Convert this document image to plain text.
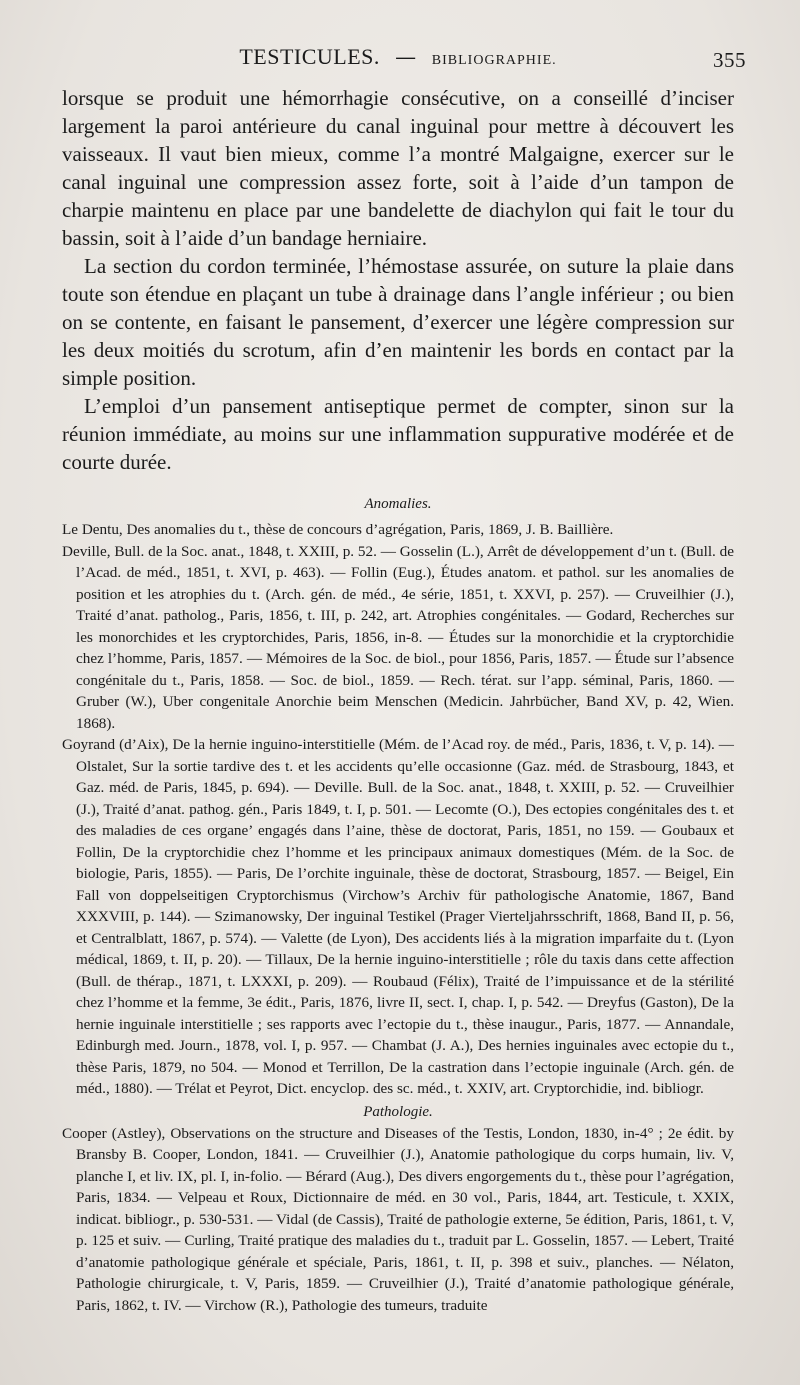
TESTICULES. — BIBLIOGRAPHIE.	355

lorsque se produit une hémorrhagie consécutive, on a conseillé d’inciser largement la paroi antérieure du canal inguinal pour mettre à découvert les vaisseaux. Il vaut bien mieux, comme l’a montré Malgaigne, exercer sur le canal inguinal une compression assez forte, soit à l’aide d’un tampon de charpie maintenu en place par une bandelette de diachylon qui fait le tour du bassin, soit à l’aide d’un bandage herniaire.

La section du cordon terminée, l’hémostase assurée, on suture la plaie dans toute son étendue en plaçant un tube à drainage dans l’angle inférieur ; ou bien on se contente, en faisant le pansement, d’exercer une légère compression sur les deux moitiés du scrotum, afin d’en maintenir les bords en contact par la simple position.

L’emploi d’un pansement antiseptique permet de compter, sinon sur la réunion immédiate, au moins sur une inflammation suppurative modérée et de courte durée.

Anomalies.

Le Dentu, Des anomalies du t., thèse de concours d’agrégation, Paris, 1869, J. B. Baillière.

Deville, Bull. de la Soc. anat., 1848, t. XXIII, p. 52. — Gosselin (L.), Arrêt de développement d’un t. (Bull. de l’Acad. de méd., 1851, t. XVI, p. 463). — Follin (Eug.), Études anatom. et pathol. sur les anomalies de position et les atrophies du t. (Arch. gén. de méd., 4e série, 1851, t. XXVI, p. 257). — Cruveilhier (J.), Traité d’anat. patholog., Paris, 1856, t. III, p. 242, art. Atrophies congénitales. — Godard, Recherches sur les monorchides et les cryptorchides, Paris, 1856, in-8. — Études sur la monorchidie et la cryptorchidie chez l’homme, Paris, 1857. — Mémoires de la Soc. de biol., pour 1856, Paris, 1857. — Étude sur l’absence congénitale du t., Paris, 1858. — Soc. de biol., 1859. — Rech. térat. sur l’app. séminal, Paris, 1860. — Gruber (W.), Uber congenitale Anorchie beim Menschen (Medicin. Jahrbücher, Band XV, p. 42, Wien. 1868).

Goyrand (d’Aix), De la hernie inguino-interstitielle (Mém. de l’Acad roy. de méd., Paris, 1836, t. V, p. 14). — Olstalet, Sur la sortie tardive des t. et les accidents qu’elle occasionne (Gaz. méd. de Strasbourg, 1843, et Gaz. méd. de Paris, 1845, p. 694). — Deville. Bull. de la Soc. anat., 1848, t. XXIII, p. 52. — Cruveilhier (J.), Traité d’anat. pathog. gén., Paris 1849, t. I, p. 501. — Lecomte (O.), Des ectopies congénitales des t. et des maladies de ces organe’ engagés dans l’aine, thèse de doctorat, Paris, 1851, no 159. — Goubaux et Follin, De la cryptorchidie chez l’homme et les principaux animaux domestiques (Mém. de la Soc. de biologie, Paris, 1855). — Paris, De l’orchite inguinale, thèse de doctorat, Strasbourg, 1857. — Beigel, Ein Fall von doppelseitigen Cryptorchismus (Virchow’s Archiv für pathologische Anatomie, 1867, Band XXXVIII, p. 144). — Szimanowsky, Der inguinal Testikel (Prager Vierteljahrsschrift, 1868, Band II, p. 56, et Centralblatt, 1867, p. 574). — Valette (de Lyon), Des accidents liés à la migration imparfaite du t. (Lyon médical, 1869, t. II, p. 20). — Tillaux, De la hernie inguino-interstitielle ; rôle du taxis dans cette affection (Bull. de thérap., 1871, t. LXXXI, p. 209). — Roubaud (Félix), Traité de l’impuissance et de la stérilité chez l’homme et la femme, 3e édit., Paris, 1876, livre II, sect. I, chap. I, p. 542. — Dreyfus (Gaston), De la hernie inguinale interstitielle ; ses rapports avec l’ectopie du t., thèse inaugur., Paris, 1877. — Annandale, Edinburgh med. Journ., 1878, vol. I, p. 957. — Chambat (J. A.), Des hernies inguinales avec ectopie du t., thèse Paris, 1879, no 504. — Monod et Terrillon, De la castration dans l’ectopie inguinale (Arch. gén. de méd., 1880). — Trélat et Peyrot, Dict. encyclop. des sc. méd., t. XXIV, art. Cryptorchidie, ind. bibliogr.

Pathologie.

Cooper (Astley), Observations on the structure and Diseases of the Testis, London, 1830, in-4° ; 2e édit. by Bransby B. Cooper, London, 1841. — Cruveilhier (J.), Anatomie pathologique du corps humain, liv. V, planche I, et liv. IX, pl. I, in-folio. — Bérard (Aug.), Des divers engorgements du t., thèse pour l’agrégation, Paris, 1834. — Velpeau et Roux, Dictionnaire de méd. en 30 vol., Paris, 1844, art. Testicule, t. XXIX, indicat. bibliogr., p. 530-531. — Vidal (de Cassis), Traité de pathologie externe, 5e édition, Paris, 1861, t. V, p. 125 et suiv. — Curling, Traité pratique des maladies du t., traduit par L. Gosselin, 1857. — Lebert, Traité d’anatomie pathologique générale et spéciale, Paris, 1861, t. II, p. 398 et suiv., planches. — Nélaton, Pathologie chirurgicale, t. V, Paris, 1859. — Cruveilhier (J.), Traité d’anatomie pathologique générale, Paris, 1862, t. IV. — Virchow (R.), Pathologie des tumeurs, traduite
